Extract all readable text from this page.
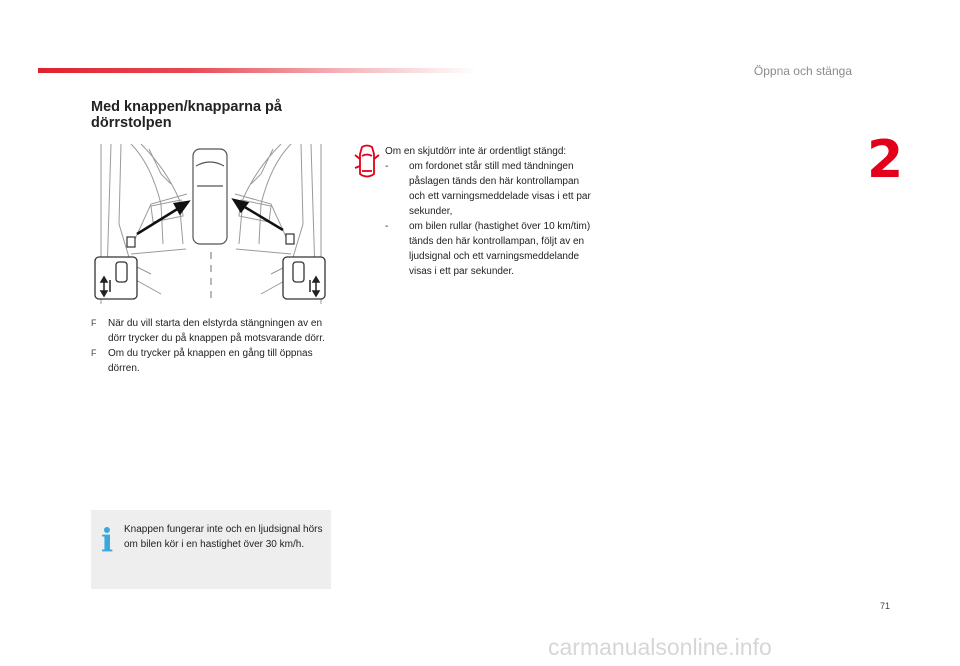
Öppna och stänga
2
Med knappen/knapparna på dörrstolpen
F	När du vill starta den elstyrda stängningen av en dörr trycker du på knappen på motsvarande dörr.
F	Om du trycker på knappen en gång till öppnas dörren.
i Knappen fungerar inte och en ljudsignal hörs om bilen kör i en hastighet över 30 km/h.
Om en skjutdörr inte är ordentligt stängd:
-	om fordonet står still med tändningen påslagen tänds den här kontrollampan och ett varningsmeddelade visas i ett par sekunder,
-	om bilen rullar (hastighet över 10 km/tim) tänds den här kontrollampan, följt av en ljudsignal och ett varningsmeddelande visas i ett par sekunder.
71
carmanualsonline.info
